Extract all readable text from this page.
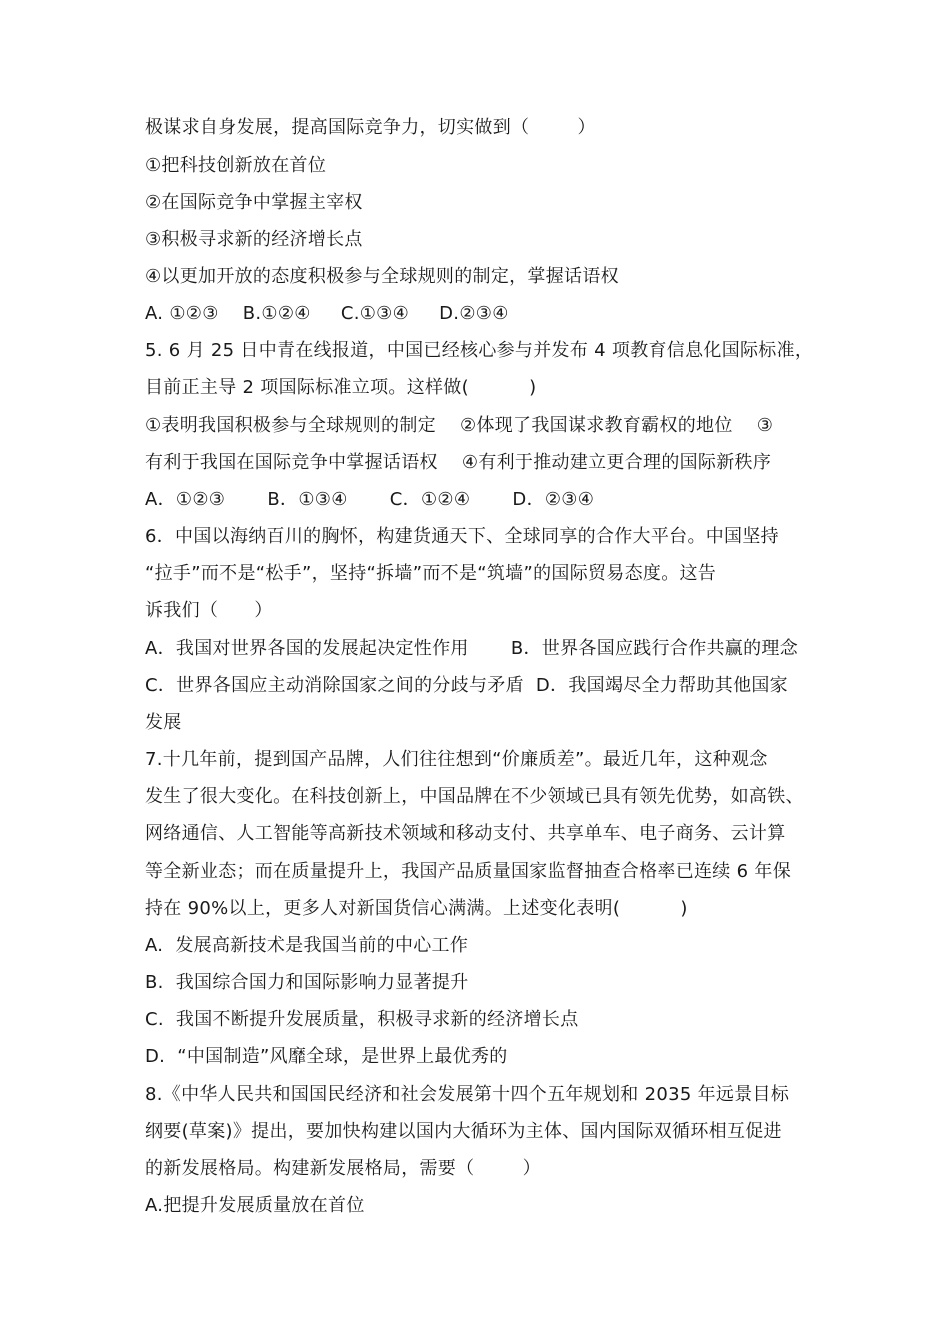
极谋求自身发展，提高国际竞争力，切实做到（        ）
①把科技创新放在首位
②在国际竞争中掌握主宰权
③积极寻求新的经济增长点
④以更加开放的态度积极参与全球规则的制定，掌握话语权
A. ①②③    B.①②④     C.①③④     D.②③④
5. 6 月 25 日中青在线报道，中国已经核心参与并发布 4 项教育信息化国际标准，
目前正主导 2 项国际标准立项。这样做(          )
①表明我国积极参与全球规则的制定    ②体现了我国谋求教育霸权的地位    ③
有利于我国在国际竞争中掌握话语权    ④有利于推动建立更合理的国际新秩序
A．①②③       B．①③④       C．①②④       D．②③④
6．中国以海纳百川的胸怀，构建货通天下、全球同享的合作大平台。中国坚持
“拉手”而不是“松手”，坚持“拆墙”而不是“筑墙”的国际贸易态度。这告
诉我们（      ）
A．我国对世界各国的发展起决定性作用       B．世界各国应践行合作共赢的理念
C．世界各国应主动消除国家之间的分歧与矛盾  D．我国竭尽全力帮助其他国家
发展
7.十几年前，提到国产品牌，人们往往想到“价廉质差”。最近几年，这种观念
发生了很大变化。在科技创新上，中国品牌在不少领域已具有领先优势，如高铁、
网络通信、人工智能等高新技术领域和移动支付、共享单车、电子商务、云计算
等全新业态；而在质量提升上，我国产品质量国家监督抽查合格率已连续 6 年保
持在 90%以上，更多人对新国货信心满满。上述变化表明(          )
A.  发展高新技术是我国当前的中心工作
B.  我国综合国力和国际影响力显著提升
C.  我国不断提升发展质量，积极寻求新的经济增长点
D.  “中国制造”风靡全球，是世界上最优秀的
8.《中华人民共和国国民经济和社会发展第十四个五年规划和 2035 年远景目标
纲要(草案)》提出，要加快构建以国内大循环为主体、国内国际双循环相互促进
的新发展格局。构建新发展格局，需要（        ）
A.把提升发展质量放在首位
